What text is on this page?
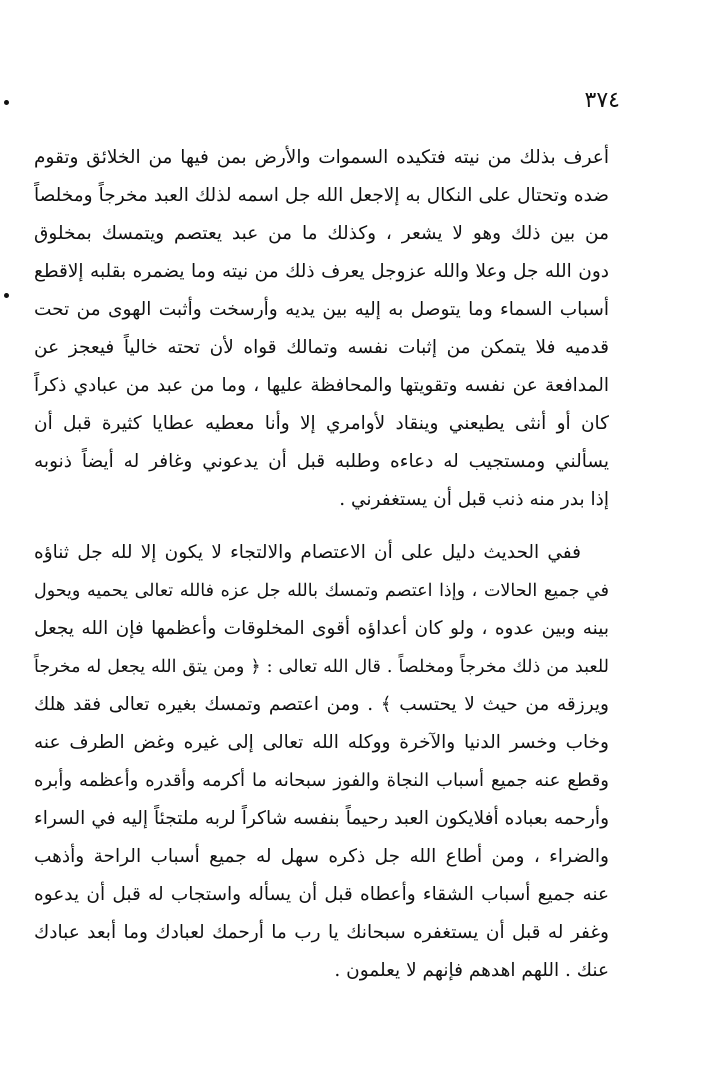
٣٧٤
أعرف بذلك من نيته فتكيده السموات والأرض بمن فيها من الخلائق وتقوم
ضده وتحتال على النكال به إلاجعل الله جل اسمه لذلك العبد مخرجاً ومخلصاً
من بين ذلك وهو لا يشعر ، وكذلك ما من عبد يعتصم ويتمسك بمخلوق
دون الله جل وعلا والله عزوجل يعرف ذلك من نيته وما يضمره بقلبه إلاقطع
أسباب السماء وما يتوصل به إليه بين يديه وأرسخت وأثبت الهوى من تحت
قدميه فلا يتمكن من إثبات نفسه وتمالك قواه لأن تحته خالياً فيعجز عن
المدافعة عن نفسه وتقويتها والمحافظة عليها ، وما من عبد من عبادي ذكراً
كان أو أنثى يطيعني وينقاد لأوامري إلا وأنا معطيه عطايا كثيرة قبل أن
يسألني ومستجيب له دعاءه وطلبه قبل أن يدعوني وغافر له أيضاً ذنوبه
إذا بدر منه ذنب قبل أن يستغفرني .
ففي الحديث دليل على أن الاعتصام والالتجاء لا يكون إلا لله جل ثناؤه
في جميع الحالات ، وإذا اعتصم وتمسك بالله جل عزه فالله تعالى يحميه ويحول
بينه وبين عدوه ، ولو كان أعداؤه أقوى المخلوقات وأعظمها فإن الله يجعل
للعبد من ذلك مخرجاً ومخلصاً . قال الله تعالى : ﴿ ومن يتق الله يجعل له مخرجاً
ويرزقه من حيث لا يحتسب ﴾ . ومن اعتصم وتمسك بغيره تعالى فقد هلك
وخاب وخسر الدنيا والآخرة ووكله الله تعالى إلى غيره وغض الطرف عنه
وقطع عنه جميع أسباب النجاة والفوز سبحانه ما أكرمه وأقدره وأعظمه وأبره
وأرحمه بعباده أفلايكون العبد رحيماً بنفسه شاكراً لربه ملتجئاً إليه في السراء
والضراء ، ومن أطاع الله جل ذكره سهل له جميع أسباب الراحة وأذهب
عنه جميع أسباب الشقاء وأعطاه قبل أن يسأله واستجاب له قبل أن يدعوه
وغفر له قبل أن يستغفره سبحانك يا رب ما أرحمك لعبادك وما أبعد عبادك
عنك . اللهم اهدهم فإنهم لا يعلمون .
